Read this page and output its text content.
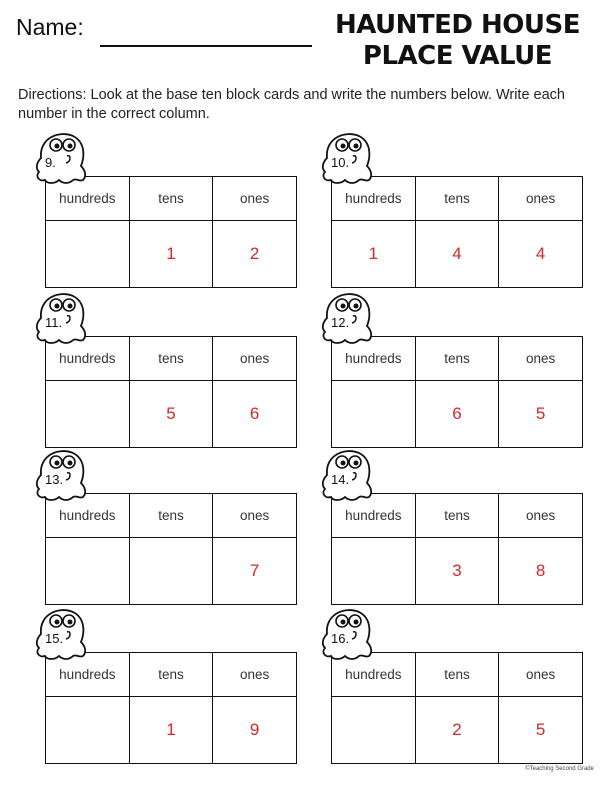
Name:	HAUNTED HOUSE
PLACE VALUE
Directions: Look at the base ten block cards and write the numbers below. Write each number in the correct column.
hundreds	tens	ones
	1	2
9.
hundreds	tens	ones
1	4	4
10.
hundreds	tens	ones
	5	6
11.
hundreds	tens	ones
	6	5
12.
hundreds	tens	ones
		7
13.
hundreds	tens	ones
	3	8
14.
hundreds	tens	ones
	1	9
15.
hundreds	tens	ones
	2	5
16.
©Teaching Second Grade
